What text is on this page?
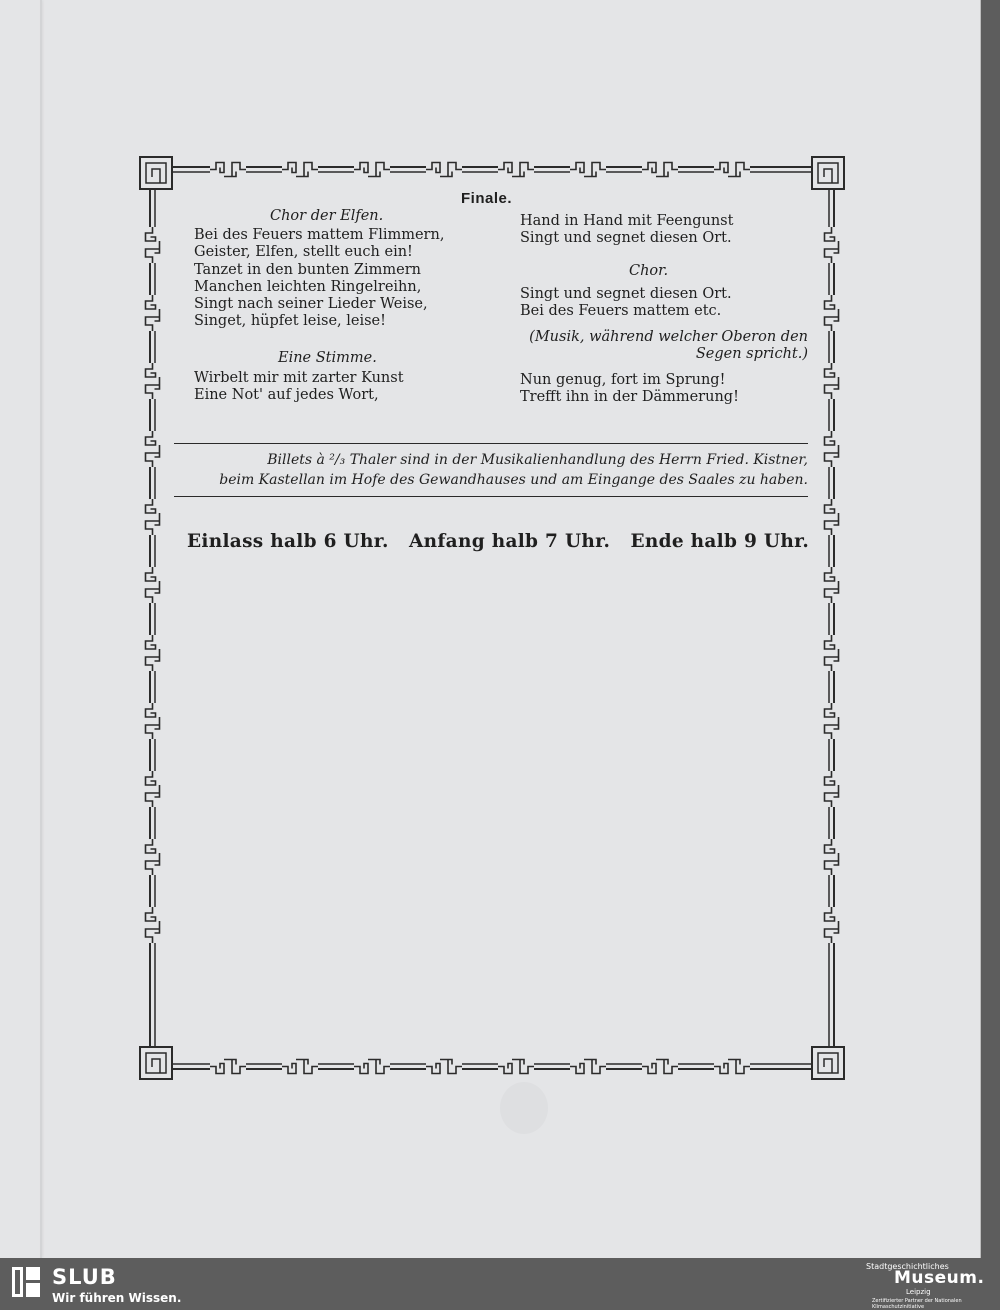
Finale.
Chor der Elfen.
Bei des Feuers mattem Flimmern,
Geister, Elfen, stellt euch ein!
Tanzet in den bunten Zimmern
Manchen leichten Ringelreihn,
Singt nach seiner Lieder Weise,
Singet, hüpfet leise, leise!
Eine Stimme.
Wirbelt mir mit zarter Kunst
Eine Not' auf jedes Wort,
Hand in Hand mit Feengunst
Singt und segnet diesen Ort.
Chor.
Singt und segnet diesen Ort.
Bei des Feuers mattem etc.
(Musik, während welcher Oberon den
Segen spricht.)
Nun genug, fort im Sprung!
Trefft ihn in der Dämmerung!
Billets à ²/₃ Thaler sind in der Musikalienhandlung des Herrn Fried. Kistner,
beim Kastellan im Hofe des Gewandhauses und am Eingange des Saales zu haben.
Einlass halb 6 Uhr.   Anfang halb 7 Uhr.   Ende halb 9 Uhr.
SLUB
Wir führen Wissen.
Stadtgeschichtliches
Museum.
Leipzig
Zertifizierter Partner der Nationalen Klimaschutzinitiative
